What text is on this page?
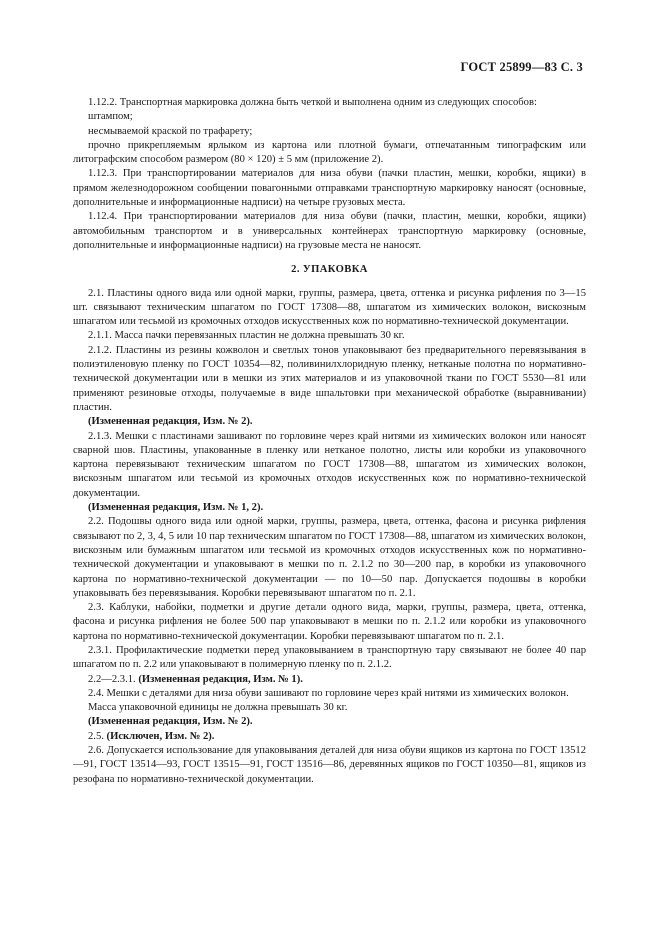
ГОСТ 25899—83 С. 3

1.12.2. Транспортная маркировка должна быть четкой и выполнена одним из следующих способов:

штампом;

несмываемой краской по трафарету;

прочно прикрепляемым ярлыком из картона или плотной бумаги, отпечатанным типографским или литографским способом размером (80 × 120) ± 5 мм (приложение 2).

1.12.3. При транспортировании материалов для низа обуви (пачки пластин, мешки, коробки, ящики) в прямом железнодорожном сообщении повагонными отправками транспортную маркировку наносят (основные, дополнительные и информационные надписи) на четыре грузовых места.

1.12.4. При транспортировании материалов для низа обуви (пачки, пластин, мешки, коробки, ящики) автомобильным транспортом и в универсальных контейнерах транспортную маркировку (основные, дополнительные и информационные надписи) на грузовые места не наносят.

2. УПАКОВКА

2.1. Пластины одного вида или одной марки, группы, размера, цвета, оттенка и рисунка рифления по 3—15 шт. связывают техническим шпагатом по ГОСТ 17308—88, шпагатом из химических волокон, вискозным шпагатом или тесьмой из кромочных отходов искусственных кож по нормативно-технической документации.

2.1.1. Масса пачки перевязанных пластин не должна превышать 30 кг.

2.1.2. Пластины из резины кожволон и светлых тонов упаковывают без предварительного перевязывания в полиэтиленовую пленку по ГОСТ 10354—82, поливинилхлоридную пленку, нетканые полотна по нормативно-технической документации или в мешки из этих материалов и из упаковочной ткани по ГОСТ 5530—81 или применяют резиновые отходы, получаемые в виде шпальтовки при механической обработке (выравнивании) пластин.

(Измененная редакция, Изм. № 2).

2.1.3. Мешки с пластинами зашивают по горловине через край нитями из химических волокон или наносят сварной шов. Пластины, упакованные в пленку или нетканое полотно, листы или коробки из упаковочного картона перевязывают техническим шпагатом по ГОСТ 17308—88, шпагатом из химических волокон, вискозным шпагатом или тесьмой из кромочных отходов искусственных кож по нормативно-технической документации.

(Измененная редакция, Изм. № 1, 2).

2.2. Подошвы одного вида или одной марки, группы, размера, цвета, оттенка, фасона и рисунка рифления связывают по 2, 3, 4, 5 или 10 пар техническим шпагатом по ГОСТ 17308—88, шпагатом из химических волокон, вискозным или бумажным шпагатом или тесьмой из кромочных отходов искусственных кож по нормативно-технической документации и упаковывают в мешки по п. 2.1.2 по 30—200 пар, в коробки из упаковочного картона по нормативно-технической документации — по 10—50 пар. Допускается подошвы в коробки упаковывать без перевязывания. Коробки перевязывают шпагатом по п. 2.1.

2.3. Каблуки, набойки, подметки и другие детали одного вида, марки, группы, размера, цвета, оттенка, фасона и рисунка рифления не более 500 пар упаковывают в мешки по п. 2.1.2 или коробки из упаковочного картона по нормативно-технической документации. Коробки перевязывают шпагатом по п. 2.1.

2.3.1. Профилактические подметки перед упаковыванием в транспортную тару связывают не более 40 пар шпагатом по п. 2.2 или упаковывают в полимерную пленку по п. 2.1.2.

2.2—2.3.1. (Измененная редакция, Изм. № 1).

2.4. Мешки с деталями для низа обуви зашивают по горловине через край нитями из химических волокон.

Масса упаковочной единицы не должна превышать 30 кг.

(Измененная редакция, Изм. № 2).

2.5. (Исключен, Изм. № 2).

2.6. Допускается использование для упаковывания деталей для низа обуви ящиков из картона по ГОСТ 13512—91, ГОСТ 13514—93, ГОСТ 13515—91, ГОСТ 13516—86, деревянных ящиков по ГОСТ 10350—81, ящиков из резофана по нормативно-технической документации.
